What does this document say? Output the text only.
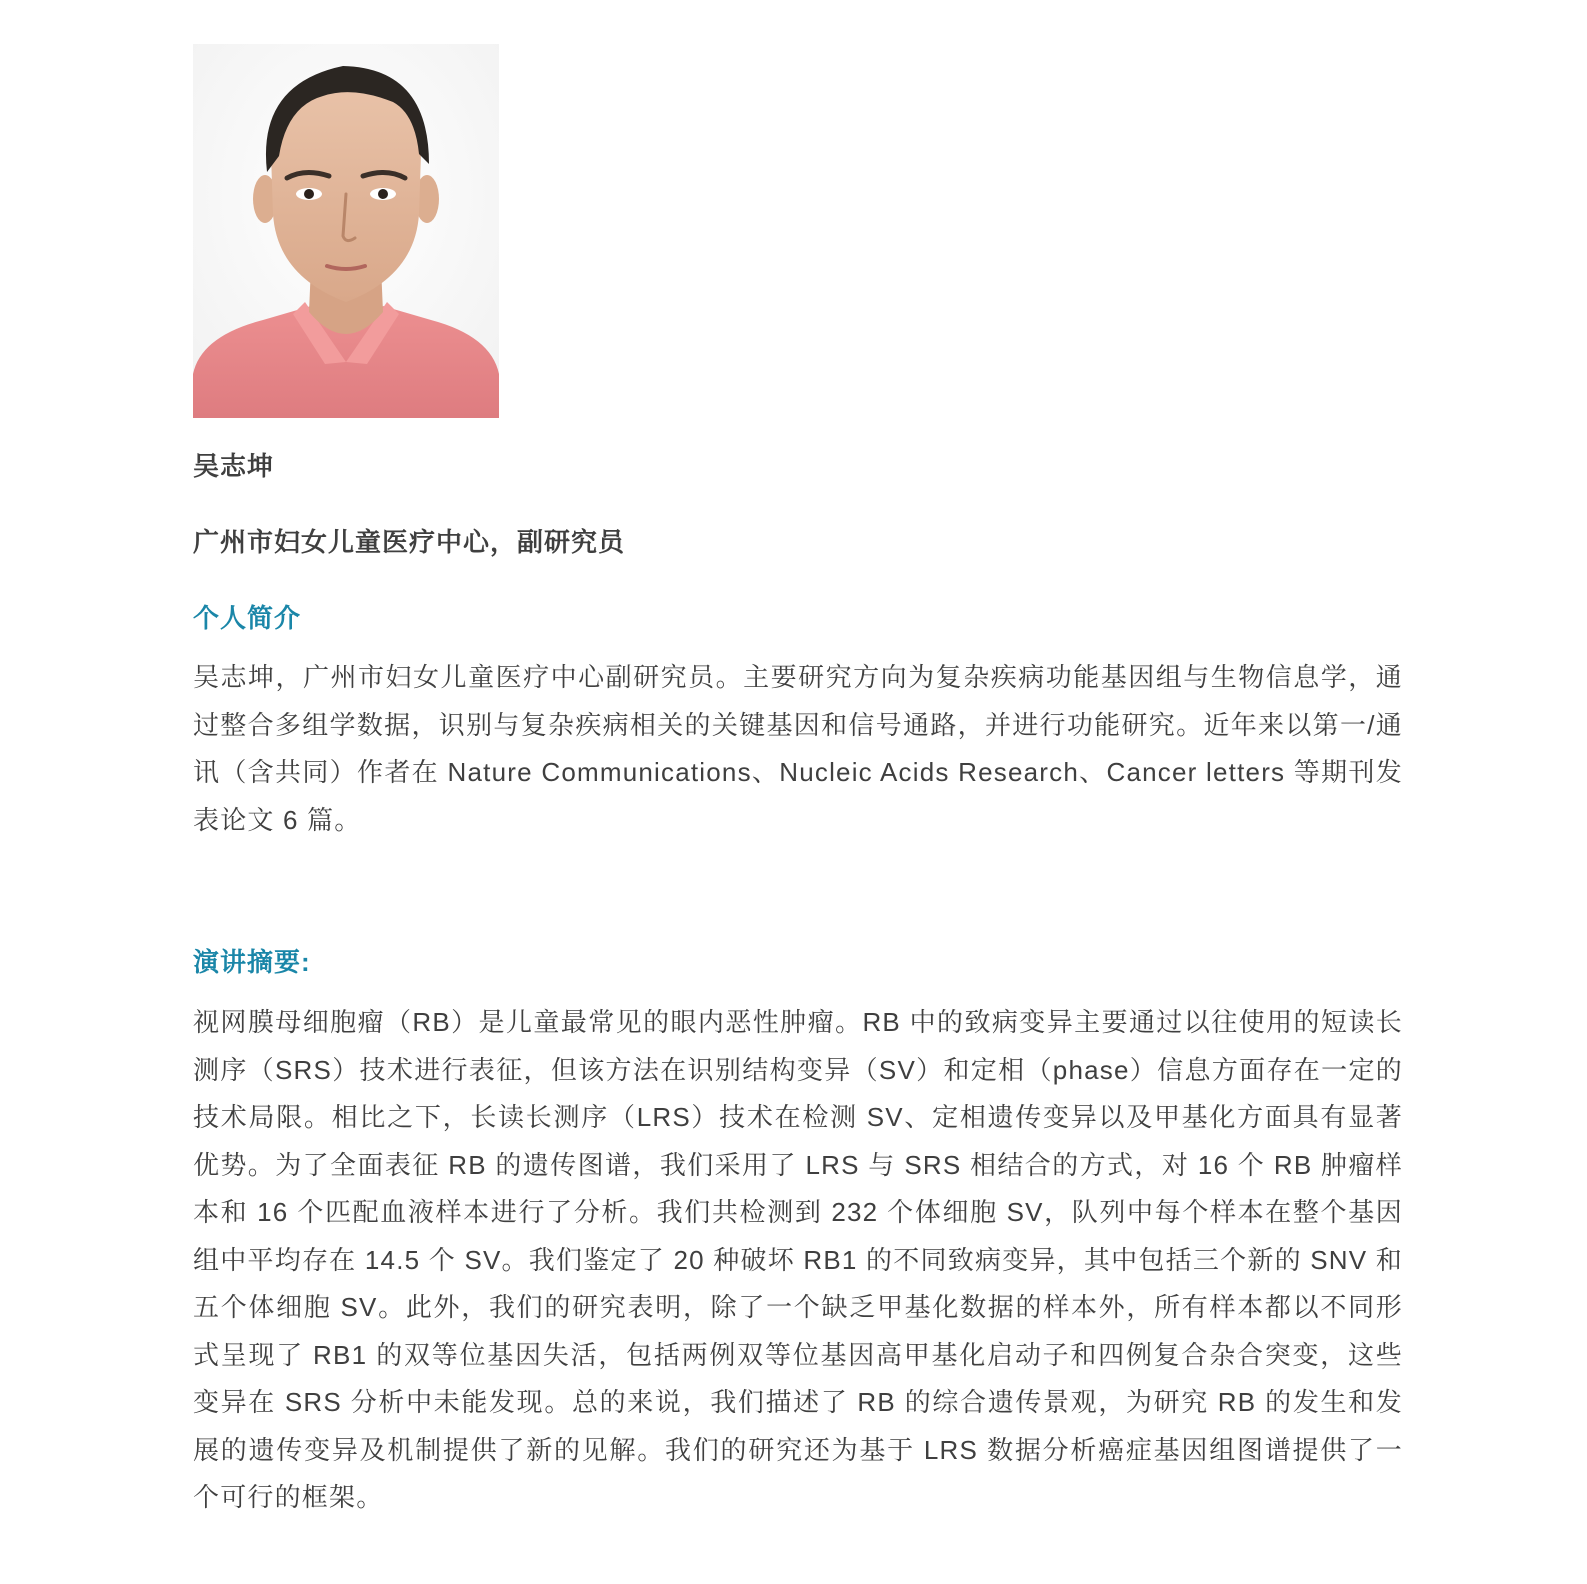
吴志坤
广州市妇女儿童医疗中心，副研究员
个人简介
吴志坤，广州市妇女儿童医疗中心副研究员。主要研究方向为复杂疾病功能基因组与生物信息学，通过整合多组学数据，识别与复杂疾病相关的关键基因和信号通路，并进行功能研究。近年来以第一/通讯（含共同）作者在 Nature Communications、Nucleic Acids Research、Cancer letters 等期刊发表论文 6 篇。
演讲摘要:
视网膜母细胞瘤（RB）是儿童最常见的眼内恶性肿瘤。RB 中的致病变异主要通过以往使用的短读长测序（SRS）技术进行表征，但该方法在识别结构变异（SV）和定相（phase）信息方面存在一定的技术局限。相比之下，长读长测序（LRS）技术在检测 SV、定相遗传变异以及甲基化方面具有显著优势。为了全面表征 RB 的遗传图谱，我们采用了 LRS 与 SRS 相结合的方式，对 16 个 RB 肿瘤样本和 16 个匹配血液样本进行了分析。我们共检测到 232 个体细胞 SV，队列中每个样本在整个基因组中平均存在 14.5 个 SV。我们鉴定了 20 种破坏 RB1 的不同致病变异，其中包括三个新的 SNV 和五个体细胞 SV。此外，我们的研究表明，除了一个缺乏甲基化数据的样本外，所有样本都以不同形式呈现了 RB1 的双等位基因失活，包括两例双等位基因高甲基化启动子和四例复合杂合突变，这些变异在 SRS 分析中未能发现。总的来说，我们描述了 RB 的综合遗传景观，为研究 RB 的发生和发展的遗传变异及机制提供了新的见解。我们的研究还为基于 LRS 数据分析癌症基因组图谱提供了一个可行的框架。
